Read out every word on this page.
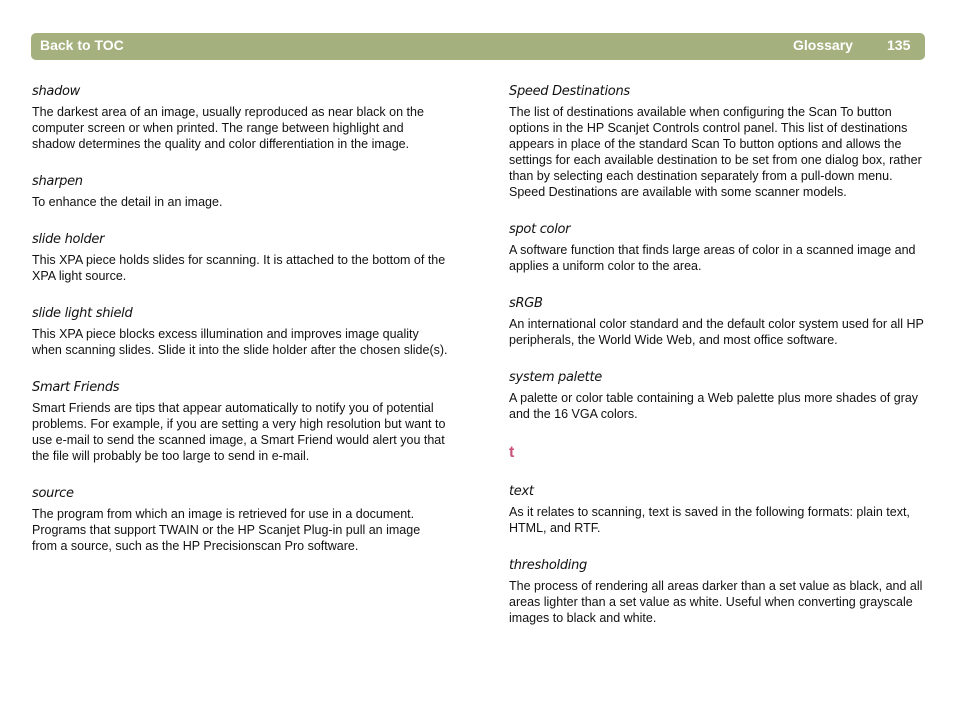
Back to TOC	Glossary 135

shadow

The darkest area of an image, usually reproduced as near black on the computer screen or when printed. The range between highlight and shadow determines the quality and color differentiation in the image.

sharpen

To enhance the detail in an image.

slide holder

This XPA piece holds slides for scanning. It is attached to the bottom of the XPA light source.

slide light shield

This XPA piece blocks excess illumination and improves image quality when scanning slides. Slide it into the slide holder after the chosen slide(s).

Smart Friends

Smart Friends are tips that appear automatically to notify you of potential problems. For example, if you are setting a very high resolution but want to use e-mail to send the scanned image, a Smart Friend would alert you that the file will probably be too large to send in e-mail.

source

The program from which an image is retrieved for use in a document. Programs that support TWAIN or the HP Scanjet Plug-in pull an image from a source, such as the HP Precisionscan Pro software.

Speed Destinations

The list of destinations available when configuring the Scan To button options in the HP Scanjet Controls control panel. This list of destinations appears in place of the standard Scan To button options and allows the settings for each available destination to be set from one dialog box, rather than by selecting each destination separately from a pull-down menu. Speed Destinations are available with some scanner models.

spot color

A software function that finds large areas of color in a scanned image and applies a uniform color to the area.

sRGB

An international color standard and the default color system used for all HP peripherals, the World Wide Web, and most office software.

system palette

A palette or color table containing a Web palette plus more shades of gray and the 16 VGA colors.

t

text

As it relates to scanning, text is saved in the following formats: plain text, HTML, and RTF.

thresholding

The process of rendering all areas darker than a set value as black, and all areas lighter than a set value as white. Useful when converting grayscale images to black and white.
